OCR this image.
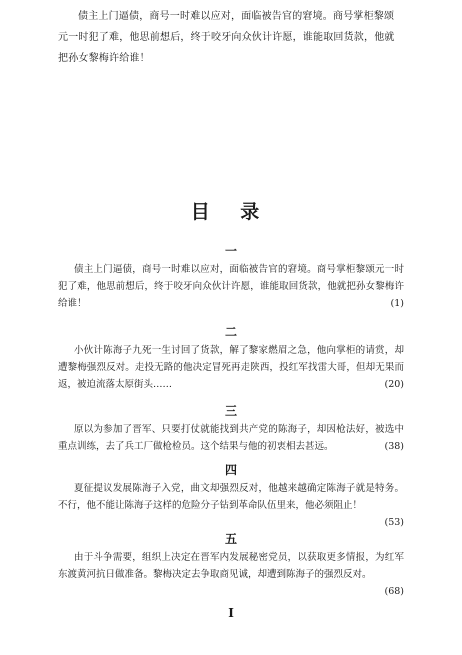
债主上门逼债，商号一时难以应对，面临被告官的窘境。商号掌柜黎颂元一时犯了难，他思前想后，终于咬牙向众伙计许愿，谁能取回货款，他就把孙女黎梅许给谁！

目 录
一

债主上门逼债，商号一时难以应对，面临被告官的窘境。商号掌柜黎颂元一时犯了难，他思前想后，终于咬牙向众伙计许愿，谁能取回货款，他就把孙女黎梅许给谁！	(1)

二

小伙计陈海子九死一生讨回了货款，解了黎家燃眉之急，他向掌柜的请赏，却遭黎梅强烈反对。走投无路的他决定冒死再走陕西，投红军找雷大哥，但却无果而返，被迫流落太原街头……	(20)

三

原以为参加了晋军、只要打仗就能找到共产党的陈海子，却因枪法好，被选中重点训练，去了兵工厂做枪检员。这个结果与他的初衷相去甚远。	(38)

四

夏征提议发展陈海子入党，曲文却强烈反对，他越来越确定陈海子就是特务。不行，他不能让陈海子这样的危险分子钻到革命队伍里来，他必须阻止！

(53)
五

由于斗争需要，组织上决定在晋军内发展秘密党员，以获取更多情报，为红军东渡黄河抗日做准备。黎梅决定去争取商见诚，却遭到陈海子的强烈反对。

(68)
I
